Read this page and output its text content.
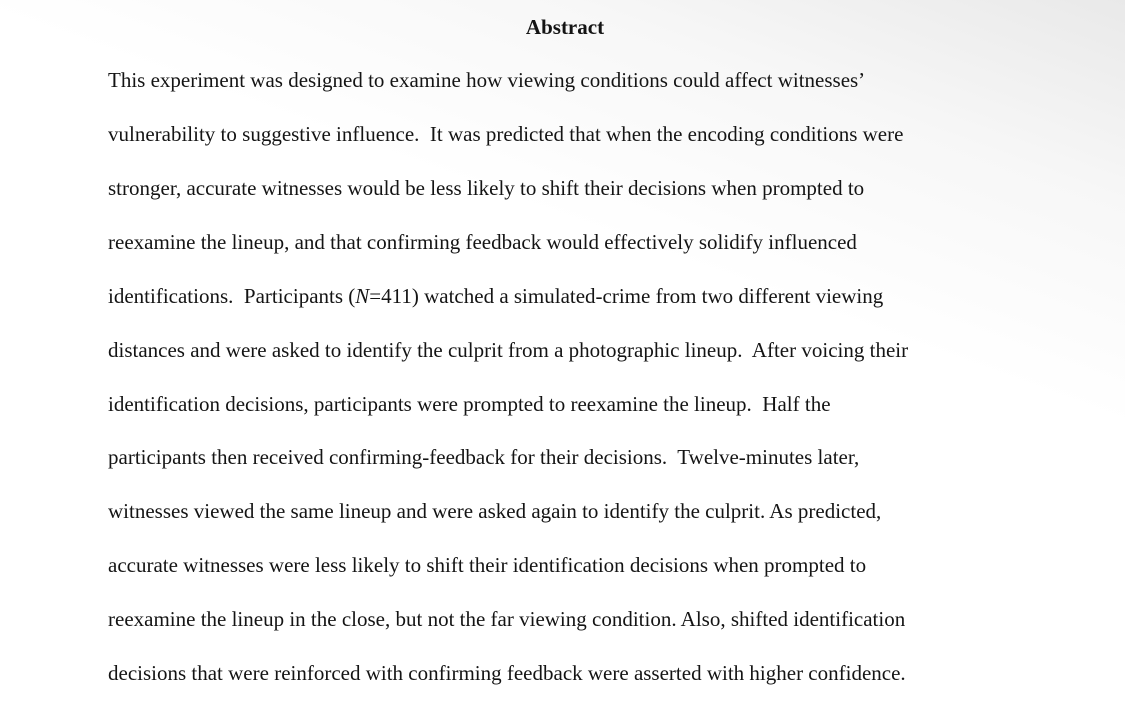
Abstract
This experiment was designed to examine how viewing conditions could affect witnesses’
vulnerability to suggestive influence.  It was predicted that when the encoding conditions were
stronger, accurate witnesses would be less likely to shift their decisions when prompted to
reexamine the lineup, and that confirming feedback would effectively solidify influenced
identifications.  Participants (N=411) watched a simulated-crime from two different viewing
distances and were asked to identify the culprit from a photographic lineup.  After voicing their
identification decisions, participants were prompted to reexamine the lineup.  Half the
participants then received confirming-feedback for their decisions.  Twelve-minutes later,
witnesses viewed the same lineup and were asked again to identify the culprit. As predicted,
accurate witnesses were less likely to shift their identification decisions when prompted to
reexamine the lineup in the close, but not the far viewing condition. Also, shifted identification
decisions that were reinforced with confirming feedback were asserted with higher confidence.
